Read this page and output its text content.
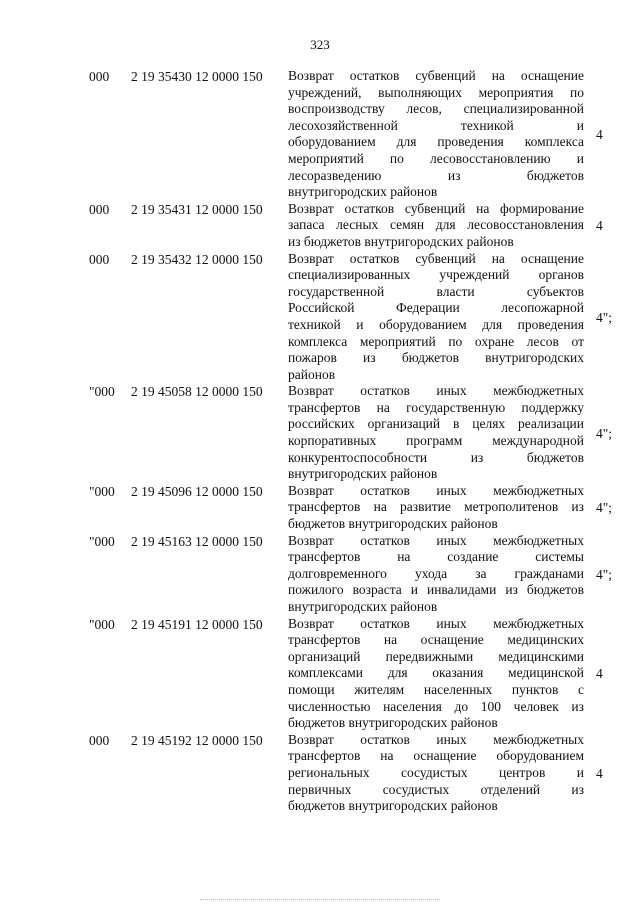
323
000	2 19 35430 12 0000 150	Возврат остатков субвенций на оснащение
учреждений, выполняющих мероприятия по
воспроизводству лесов, специализированной
лесохозяйственной техникой и
оборудованием для проведения комплекса
мероприятий по лесовосстановлению и
лесоразведению из бюджетов
внутригородских районов
4
000	2 19 35431 12 0000 150	Возврат остатков субвенций на формирование
запаса лесных семян для лесовосстановления
из бюджетов внутригородских районов
4
000	2 19 35432 12 0000 150	Возврат остатков субвенций на оснащение
специализированных учреждений органов
государственной власти субъектов
Российской Федерации лесопожарной
техникой и оборудованием для проведения
комплекса мероприятий по охране лесов от
пожаров из бюджетов внутригородских
районов
4";
"000	2 19 45058 12 0000 150	Возврат остатков иных межбюджетных
трансфертов на государственную поддержку
российских организаций в целях реализации
корпоративных программ международной
конкурентоспособности из бюджетов
внутригородских районов
4";
"000	2 19 45096 12 0000 150	Возврат остатков иных межбюджетных
трансфертов на развитие метрополитенов из
бюджетов внутригородских районов
4";
"000	2 19 45163 12 0000 150	Возврат остатков иных межбюджетных
трансфертов на создание системы
долговременного ухода за гражданами
пожилого возраста и инвалидами из бюджетов
внутригородских районов
4";
"000	2 19 45191 12 0000 150	Возврат остатков иных межбюджетных
трансфертов на оснащение медицинских
организаций передвижными медицинскими
комплексами для оказания медицинской
помощи жителям населенных пунктов с
численностью населения до 100 человек из
бюджетов внутригородских районов
4
000	2 19 45192 12 0000 150	Возврат остатков иных межбюджетных
трансфертов на оснащение оборудованием
региональных сосудистых центров и
первичных сосудистых отделений из
бюджетов внутригородских районов
4
